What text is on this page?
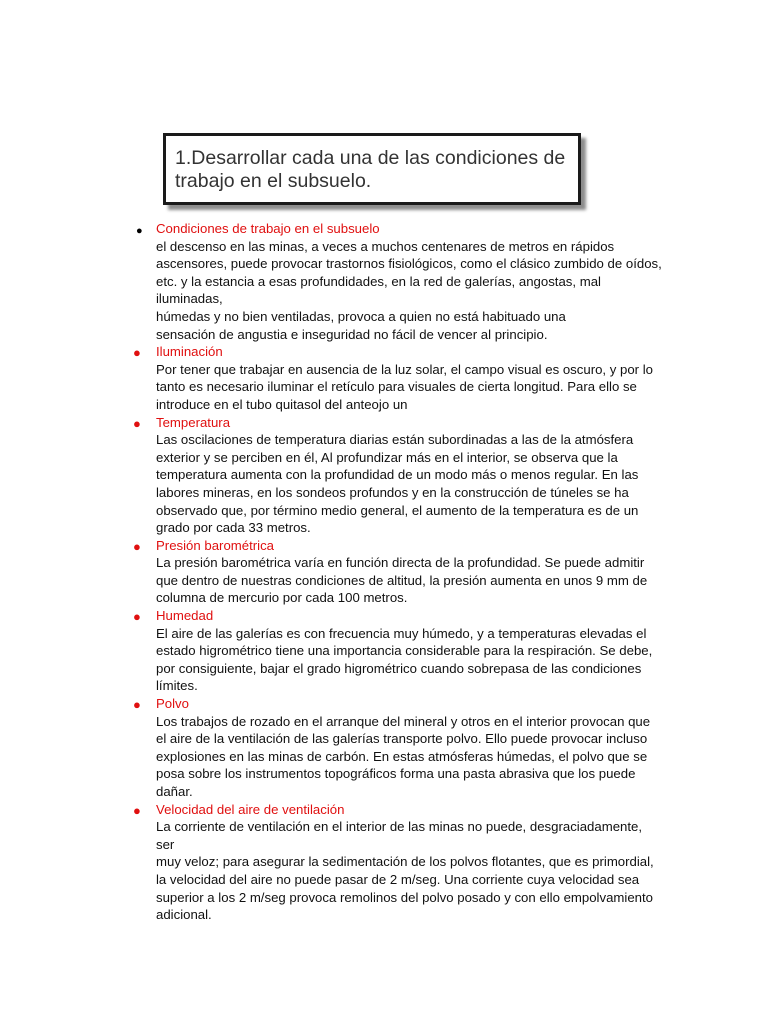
1.Desarrollar cada una de las condiciones de trabajo en el subsuelo.

● Condiciones de trabajo en el subsuelo

el descenso en las minas, a veces a muchos centenares de metros en rápidos
ascensores, puede provocar trastornos fisiológicos, como el clásico zumbido de oídos,
etc. y la estancia a esas profundidades, en la red de galerías, angostas, mal iluminadas,
húmedas y no bien ventiladas, provoca a quien no está habituado una
sensación de angustia e inseguridad no fácil de vencer al principio.

● Iluminación

Por tener que trabajar en ausencia de la luz solar, el campo visual es oscuro, y por lo
tanto es necesario iluminar el retículo para visuales de cierta longitud. Para ello se
introduce en el tubo quitasol del anteojo un

● Temperatura

Las oscilaciones de temperatura diarias están subordinadas a las de la atmósfera
exterior y se perciben en él, Al profundizar más en el interior, se observa que la
temperatura aumenta con la profundidad de un modo más o menos regular. En las
labores mineras, en los sondeos profundos y en la construcción de túneles se ha
observado que, por término medio general, el aumento de la temperatura es de un
grado por cada 33 metros.

● Presión barométrica

La presión barométrica varía en función directa de la profundidad. Se puede admitir
que dentro de nuestras condiciones de altitud, la presión aumenta en unos 9 mm de
columna de mercurio por cada 100 metros.

● Humedad

El aire de las galerías es con frecuencia muy húmedo, y a temperaturas elevadas el
estado higrométrico tiene una importancia considerable para la respiración. Se debe,
por consiguiente, bajar el grado higrométrico cuando sobrepasa de las condiciones
límites.

● Polvo

Los trabajos de rozado en el arranque del mineral y otros en el interior provocan que
el aire de la ventilación de las galerías transporte polvo. Ello puede provocar incluso
explosiones en las minas de carbón. En estas atmósferas húmedas, el polvo que se
posa sobre los instrumentos topográficos forma una pasta abrasiva que los puede
dañar.

● Velocidad del aire de ventilación

La corriente de ventilación en el interior de las minas no puede, desgraciadamente, ser
muy veloz; para asegurar la sedimentación de los polvos flotantes, que es primordial,
la velocidad del aire no puede pasar de 2 m/seg. Una corriente cuya velocidad sea
superior a los 2 m/seg provoca remolinos del polvo posado y con ello empolvamiento
adicional.
